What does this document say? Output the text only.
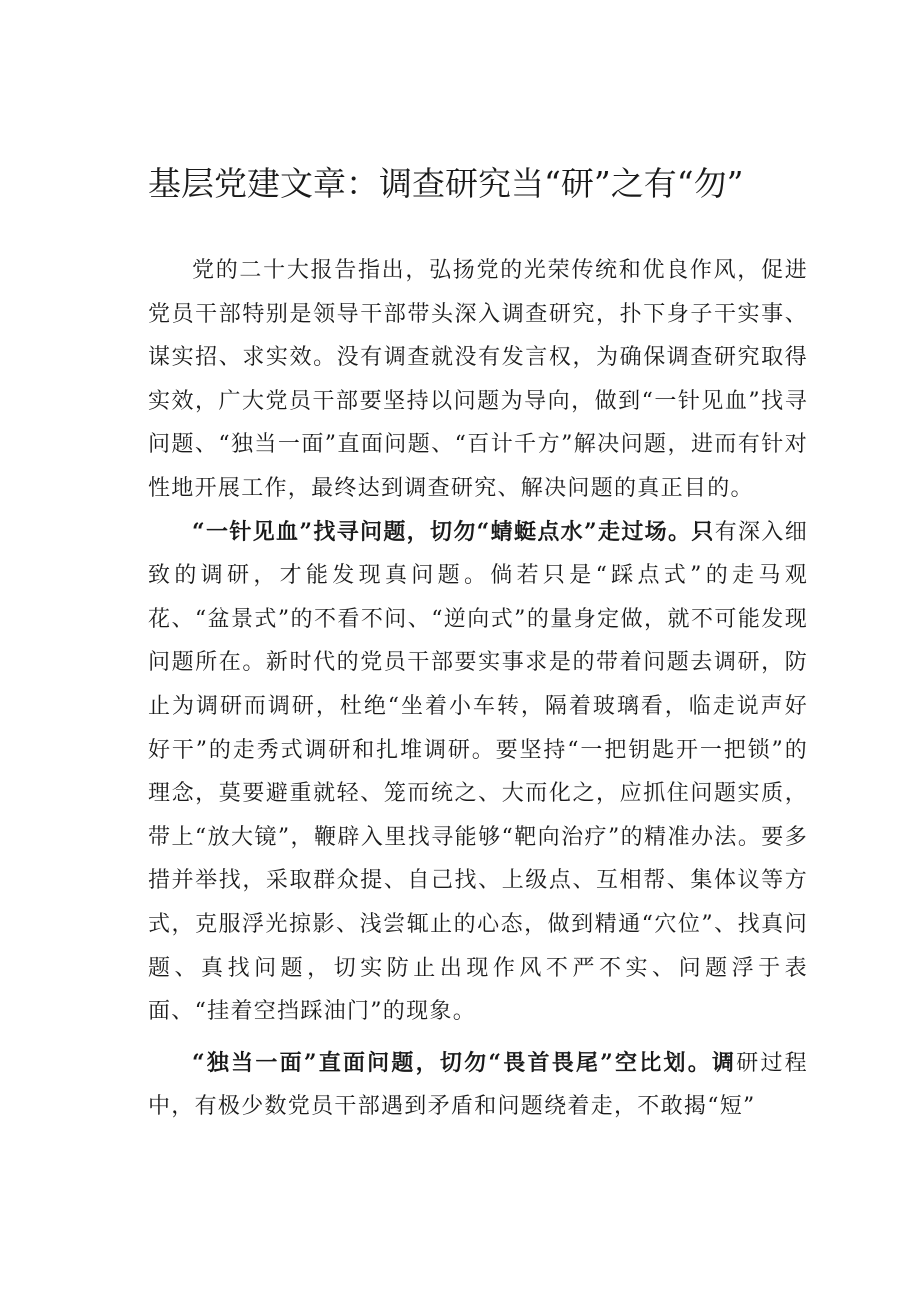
基层党建文章：调查研究当“研”之有“勿”

党的二十大报告指出，弘扬党的光荣传统和优良作风，促进党员干部特别是领导干部带头深入调查研究，扑下身子干实事、谋实招、求实效。没有调查就没有发言权，为确保调查研究取得实效，广大党员干部要坚持以问题为导向，做到“一针见血”找寻问题、“独当一面”直面问题、“百计千方”解决问题，进而有针对性地开展工作，最终达到调查研究、解决问题的真正目的。

“一针见血”找寻问题，切勿“蜻蜓点水”走过场。只有深入细致的调研，才能发现真问题。倘若只是“踩点式”的走马观花、“盆景式”的不看不问、“逆向式”的量身定做，就不可能发现问题所在。新时代的党员干部要实事求是的带着问题去调研，防止为调研而调研，杜绝“坐着小车转，隔着玻璃看，临走说声好好干”的走秀式调研和扎堆调研。要坚持“一把钥匙开一把锁”的理念，莫要避重就轻、笼而统之、大而化之，应抓住问题实质，带上“放大镜”，鞭辟入里找寻能够“靶向治疗”的精准办法。要多措并举找，采取群众提、自己找、上级点、互相帮、集体议等方式，克服浮光掠影、浅尝辄止的心态，做到精通“穴位”、找真问题、真找问题，切实防止出现作风不严不实、问题浮于表面、“挂着空挡踩油门”的现象。

“独当一面”直面问题，切勿“畏首畏尾”空比划。调研过程中，有极少数党员干部遇到矛盾和问题绕着走，不敢揭“短”
